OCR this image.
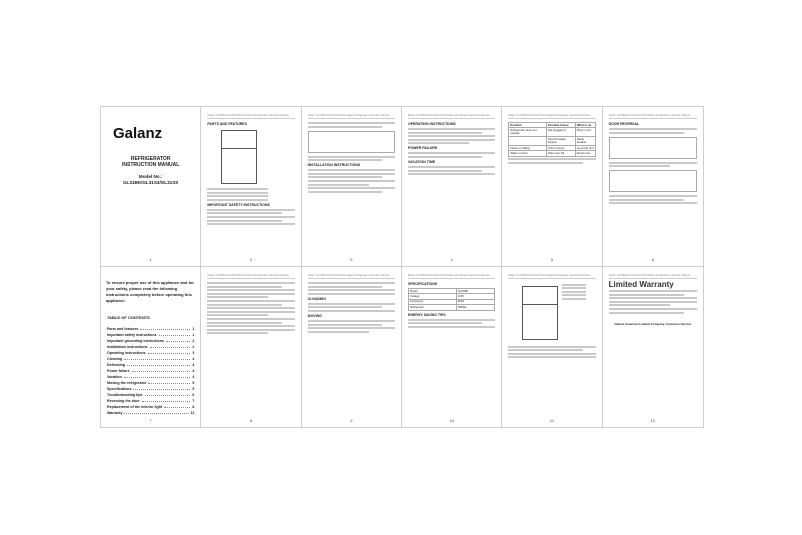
Galanz
REFRIGERATOR
INSTRUCTION MANUAL
Model No.:
GL31BK/GL31S3/GL31SS
1
Model: GL31BK/GL31S3/GL31SS Galanz Refrigerator Instruction Manual
PARTS AND FEATURES
IMPORTANT SAFETY INSTRUCTIONS
2
Model: GL31BK/GL31S3/GL31SS Galanz Refrigerator Instruction Manual
INSTALLATION INSTRUCTIONS
3
Model: GL31BK/GL31S3/GL31SS Galanz Refrigerator Instruction Manual
OPERATING INSTRUCTIONS
POWER FAILURE
VACATION TIME
4
Model: GL31BK/GL31S3/GL31SS Galanz Refrigerator Instruction Manual
Problem	Possible Cause	What to do
Refrigerator does not operate	Not plugged in	Plug in unit
	Circuit breaker tripped	Reset breaker
Noise or rattling	Unit not level	Level the unit
Water on floor	Drain pan full	Empty pan
5
Model: GL31BK/GL31S3/GL31SS Galanz Refrigerator Instruction Manual
DOOR REVERSAL
6
TABLE OF CONTENTS
Parts and features	1
Important safety instructions	1
Important grounding instructions	2
Installation instructions	2
Operating instructions	3
Cleaning	4
Defrosting	4
Power failure	4
Vacation	4
Moving the refrigerator	5
Specifications	5
Troubleshooting tips	6
Reversing the door	7
Replacement of the interior light	8
Warranty	11
7
Model: GL31BK/GL31S3/GL31SS Galanz Refrigerator Instruction Manual
8
Model: GL31BK/GL31S3/GL31SS Galanz Refrigerator Instruction Manual
CLEANING
MOVING
9
Model: GL31BK/GL31S3/GL31SS Galanz Refrigerator Instruction Manual
SPECIFICATIONS
Model	GL31BK
Voltage	115V
Frequency	60Hz
Refrigerant	R600a
ENERGY SAVING TIPS
10
Model: GL31BK/GL31S3/GL31SS Galanz Refrigerator Instruction Manual
11
Model: GL31BK/GL31S3/GL31SS Galanz Refrigerator Instruction Manual
Limited Warranty
Galanz Americas Limited Company, Customer Service
12
To ensure proper use of this appliance and for your safety, please read the following instructions completely before operating this appliance.
